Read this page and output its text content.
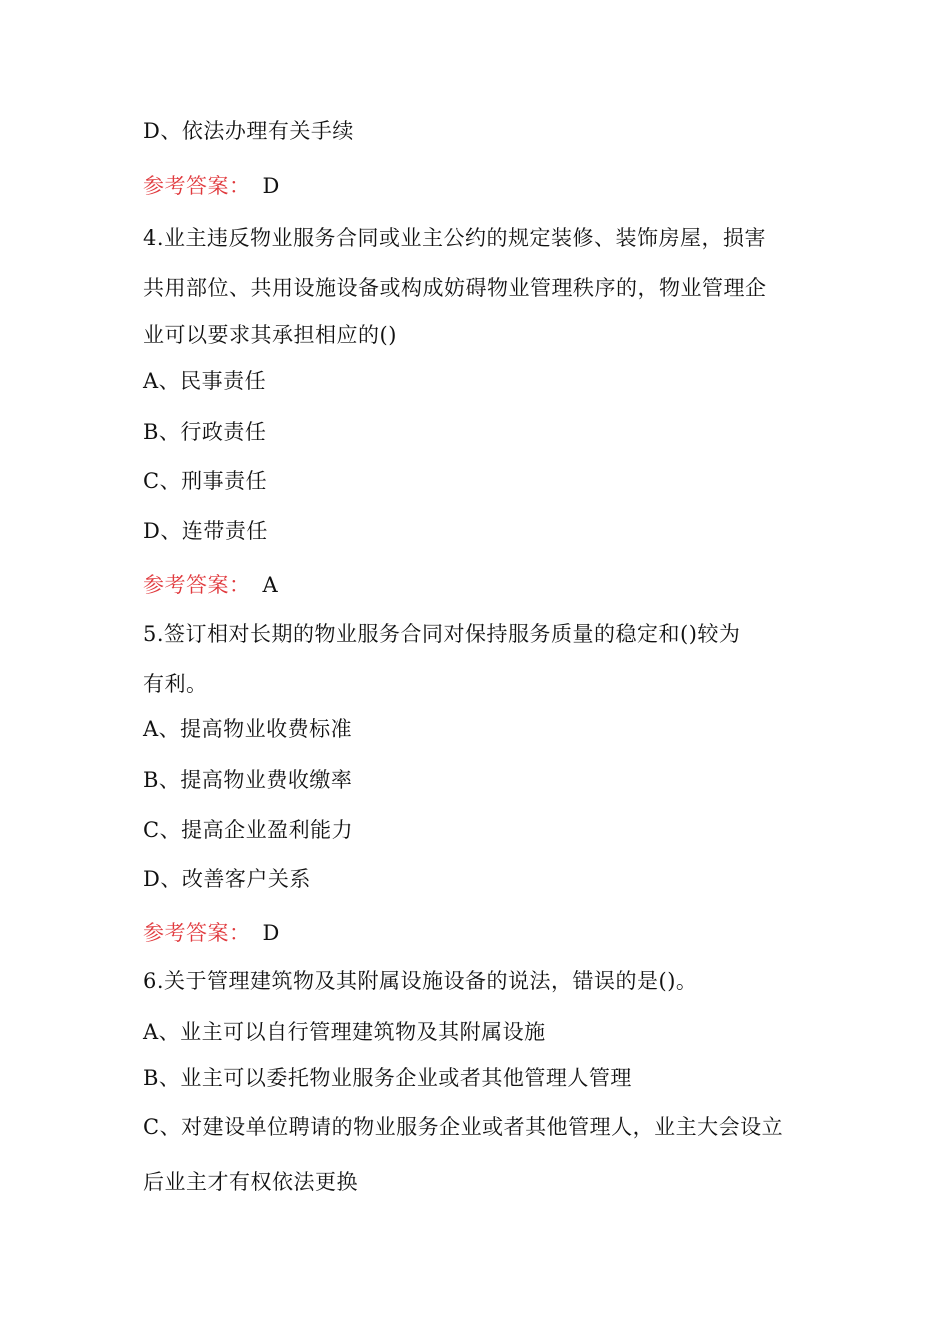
D、依法办理有关手续
参考答案： D
4.业主违反物业服务合同或业主公约的规定装修、装饰房屋，损害
共用部位、共用设施设备或构成妨碍物业管理秩序的，物业管理企
业可以要求其承担相应的()
A、民事责任
B、行政责任
C、刑事责任
D、连带责任
参考答案： A
5.签订相对长期的物业服务合同对保持服务质量的稳定和()较为
有利。
A、提高物业收费标准
B、提高物业费收缴率
C、提高企业盈利能力
D、改善客户关系
参考答案： D
6.关于管理建筑物及其附属设施设备的说法，错误的是()。
A、业主可以自行管理建筑物及其附属设施
B、业主可以委托物业服务企业或者其他管理人管理
C、对建设单位聘请的物业服务企业或者其他管理人，业主大会设立
后业主才有权依法更换
